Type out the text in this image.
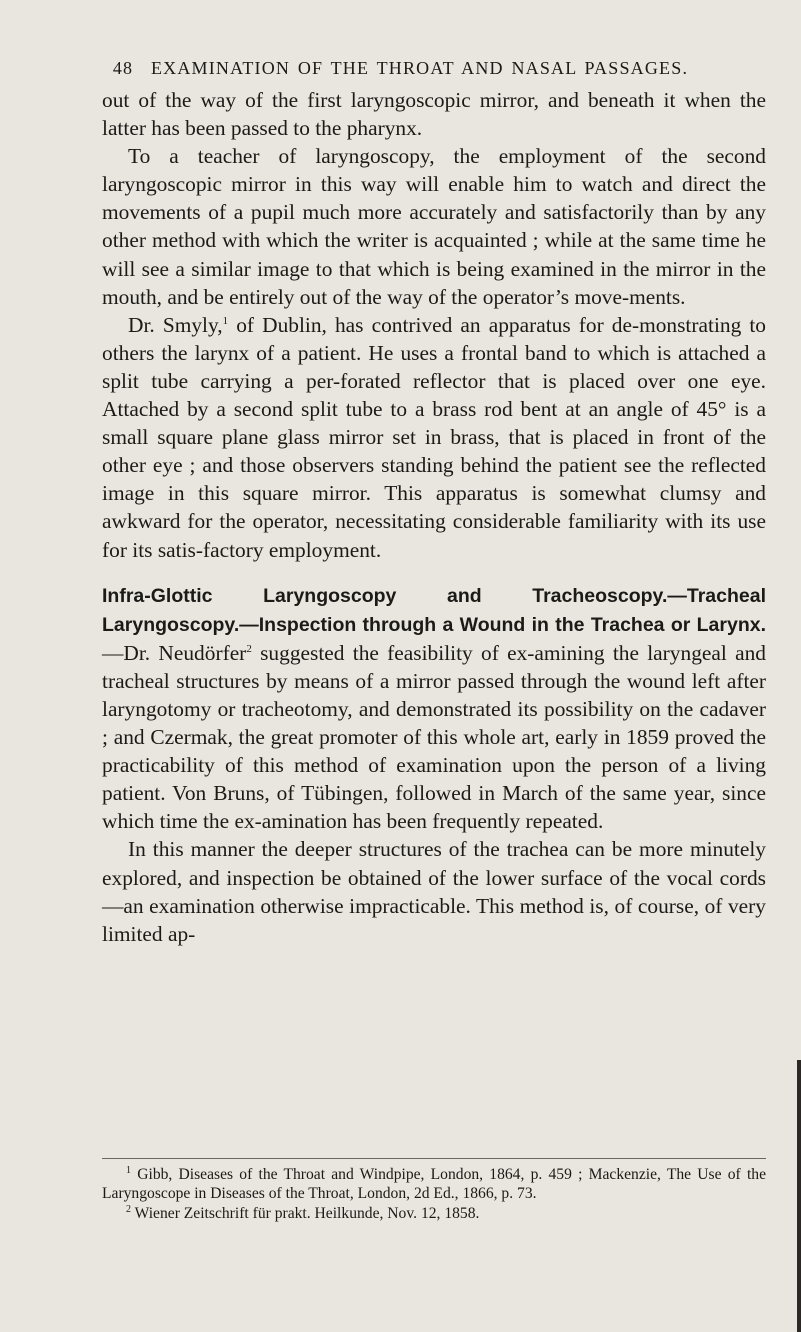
48 EXAMINATION OF THE THROAT AND NASAL PASSAGES.

out of the way of the first laryngoscopic mirror, and beneath it when the latter has been passed to the pharynx.

To a teacher of laryngoscopy, the employment of the second laryngoscopic mirror in this way will enable him to watch and direct the movements of a pupil much more accurately and satisfactorily than by any other method with which the writer is acquainted ; while at the same time he will see a similar image to that which is being examined in the mirror in the mouth, and be entirely out of the way of the operator’s move-ments.

Dr. Smyly,$^1$ of Dublin, has contrived an apparatus for de-monstrating to others the larynx of a patient. He uses a frontal band to which is attached a split tube carrying a per-forated reflector that is placed over one eye. Attached by a second split tube to a brass rod bent at an angle of 45° is a small square plane glass mirror set in brass, that is placed in front of the other eye ; and those observers standing behind the patient see the reflected image in this square mirror. This apparatus is somewhat clumsy and awkward for the operator, necessitating considerable familiarity with its use for its satis-factory employment.

Infra-Glottic Laryngoscopy and Tracheoscopy.—Tracheal Laryngoscopy.—Inspection through a Wound in the Trachea or Larynx.—Dr. Neudörfer$^2$ suggested the feasibility of ex-amining the laryngeal and tracheal structures by means of a mirror passed through the wound left after laryngotomy or tracheotomy, and demonstrated its possibility on the cadaver ; and Czermak, the great promoter of this whole art, early in 1859 proved the practicability of this method of examination upon the person of a living patient. Von Bruns, of Tübingen, followed in March of the same year, since which time the ex-amination has been frequently repeated.

In this manner the deeper structures of the trachea can be more minutely explored, and inspection be obtained of the lower surface of the vocal cords—an examination otherwise impracticable. This method is, of course, of very limited ap-

$^1$ Gibb, Diseases of the Throat and Windpipe, London, 1864, p. 459 ; Mackenzie, The Use of the Laryngoscope in Diseases of the Throat, London, 2d Ed., 1866, p. 73.

$^2$ Wiener Zeitschrift für prakt. Heilkunde, Nov. 12, 1858.
